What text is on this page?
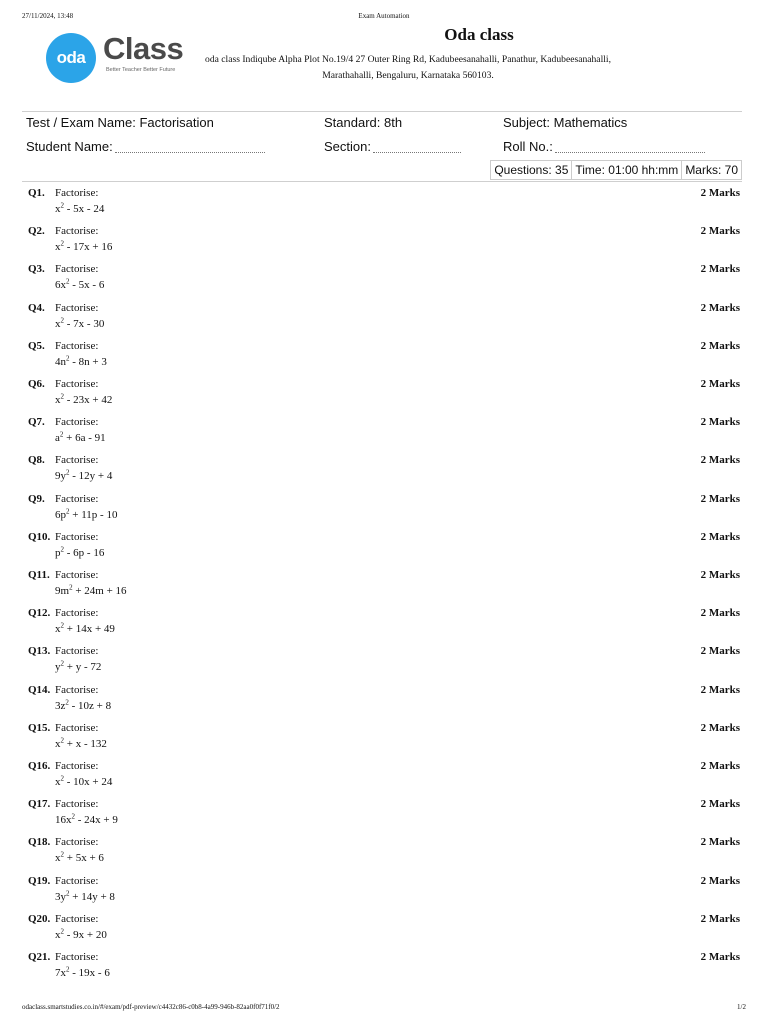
27/11/2024, 13:48	Exam Automation
oda Class
Better Teacher Better Future
Oda class
oda class Indiqube Alpha Plot No.19/4 27 Outer Ring Rd, Kadubeesanahalli, Panathur, Kadubeesanahalli,
Marathahalli, Bengaluru, Karnataka 560103.
Test / Exam Name: Factorisation	Standard: 8th	Subject: Mathematics
Student Name:	Section:	Roll No.:
Questions: 35 Time: 01:00 hh:mm Marks: 70
Q1. Factorise:
$x^2 - 5x - 24$
2 Marks
Q2. Factorise:
$x^2 - 17x + 16$
2 Marks
Q3. Factorise:
$6x^2 - 5x - 6$
2 Marks
Q4. Factorise:
$x^2 - 7x - 30$
2 Marks
Q5. Factorise:
$4n^2 - 8n + 3$
2 Marks
Q6. Factorise:
$x^2 - 23x + 42$
2 Marks
Q7. Factorise:
$a^2 + 6a - 91$
2 Marks
Q8. Factorise:
$9y^2 - 12y + 4$
2 Marks
Q9. Factorise:
$6p^2 + 11p - 10$
2 Marks
Q10. Factorise:
$p^2 - 6p - 16$
2 Marks
Q11. Factorise:
$9m^2 + 24m + 16$
2 Marks
Q12. Factorise:
$x^2 + 14x + 49$
2 Marks
Q13. Factorise:
$y^2 + y - 72$
2 Marks
Q14. Factorise:
$3z^2 - 10z + 8$
2 Marks
Q15. Factorise:
$x^2 + x - 132$
2 Marks
Q16. Factorise:
$x^2 - 10x + 24$
2 Marks
Q17. Factorise:
$16x^2 - 24x + 9$
2 Marks
Q18. Factorise:
$x^2 + 5x + 6$
2 Marks
Q19. Factorise:
$3y^2 + 14y + 8$
2 Marks
Q20. Factorise:
$x^2 - 9x + 20$
2 Marks
Q21. Factorise:
$7x^2 - 19x - 6$
2 Marks
odaclass.smartstudies.co.in/#/exam/pdf-preview/c4432c86-c0b8-4a99-946b-82aa0f0f71f0/2	1/2
